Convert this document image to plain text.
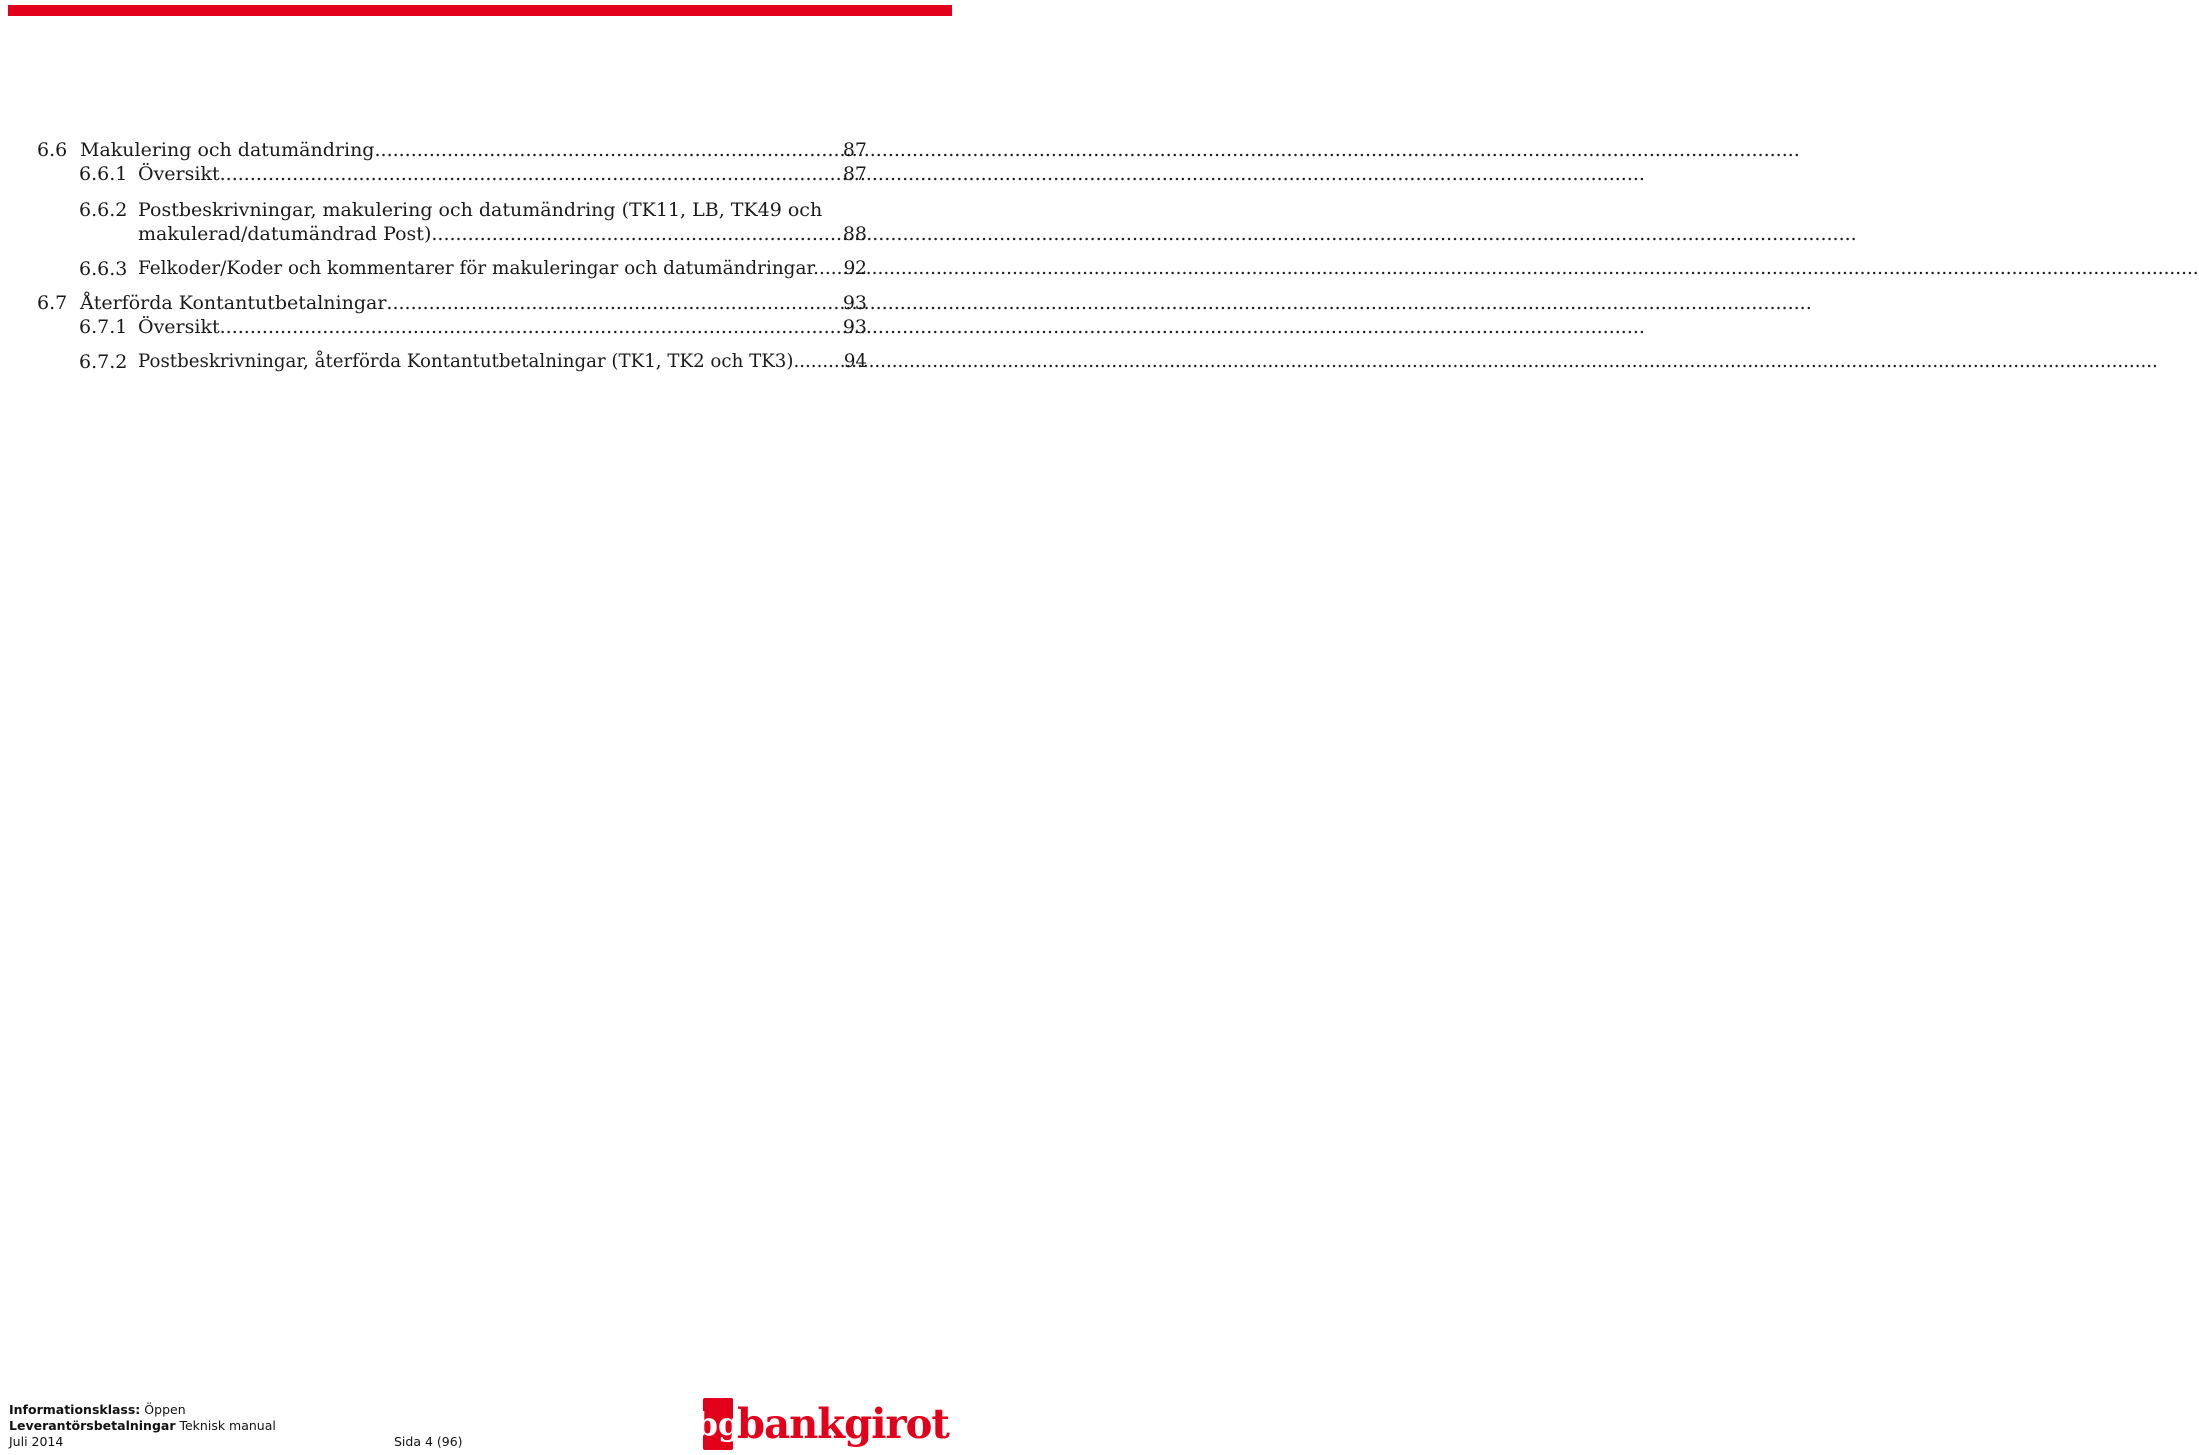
6.6 Makulering och datumändring .....	87
6.6.1 Översikt .....	87
6.6.2 Postbeskrivningar, makulering och datumändring (TK11, LB, TK49 och
makulerad/datumändrad Post) .....	88
6.6.3 Felkoder/Koder och kommentarer för makuleringar och datumändringar. ..... 92
6.7 Återförda Kontantutbetalningar .....	93
6.7.1 Översikt .....	93
6.7.2 Postbeskrivningar, återförda Kontantutbetalningar (TK1, TK2 och TK3) .....	94
Informationsklass: Öppen
Leverantörsbetalningar Teknisk manual
Juli 2014	Sida 4 (96)	bg
bankgirot
